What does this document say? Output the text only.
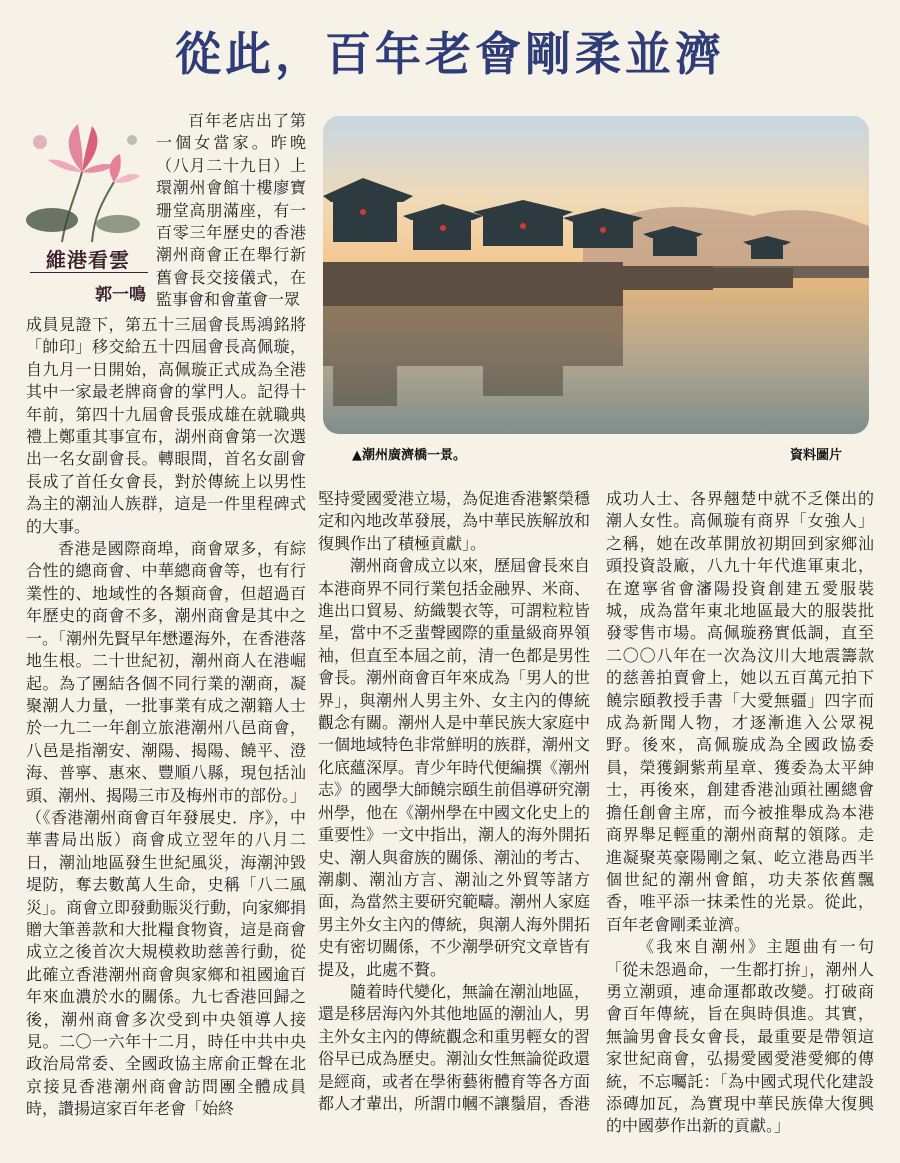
從此，百年老會剛柔並濟
維港看雲
郭一鳴

百年老店出了第一個女當家。昨晚（八月二十九日）上環潮州會館十樓廖寶珊堂高朋滿座，有一百零三年歷史的香港潮州商會正在舉行新舊會長交接儀式，在監事會和會董會一眾

成員見證下，第五十三屆會長馬鴻銘將「帥印」移交給五十四屆會長高佩璇，自九月一日開始，高佩璇正式成為全港其中一家最老牌商會的掌門人。記得十年前，第四十九屆會長張成雄在就職典禮上鄭重其事宣布，湖州商會第一次選出一名女副會長。轉眼間，首名女副會長成了首任女會長，對於傳統上以男性為主的潮汕人族群，這是一件里程碑式的大事。

香港是國際商埠，商會眾多，有綜合性的總商會、中華總商會等，也有行業性的、地域性的各類商會，但超過百年歷史的商會不多，潮州商會是其中之一。「潮州先賢早年懋遷海外，在香港落地生根。二十世紀初，潮州商人在港崛起。為了團結各個不同行業的潮商，凝聚潮人力量，一批事業有成之潮籍人士於一九二一年創立旅港潮州八邑商會，八邑是指潮安、潮陽、揭陽、饒平、澄海、普寧、惠來、豐順八縣，現包括汕頭、潮州、揭陽三市及梅州市的部份。」（《香港潮州商會百年發展史．序》，中華書局出版）商會成立翌年的八月二日，潮汕地區發生世紀風災，海潮沖毀堤防，奪去數萬人生命，史稱「八二風災」。商會立即發動賑災行動，向家鄉捐贈大筆善款和大批糧食物資，這是商會成立之後首次大規模救助慈善行動，從此確立香港潮州商會與家鄉和祖國逾百年來血濃於水的關係。九七香港回歸之後，潮州商會多次受到中央領導人接見。二〇一六年十二月，時任中共中央政治局常委、全國政協主席俞正聲在北京接見香港潮州商會訪問團全體成員時，讚揚這家百年老會「始終

▲潮州廣濟橋一景。	資料圖片

堅持愛國愛港立場，為促進香港繁榮穩定和內地改革發展，為中華民族解放和復興作出了積極貢獻」。

潮州商會成立以來，歷屆會長來自本港商界不同行業包括金融界、米商、進出口貿易、紡織製衣等，可謂粒粒皆星，當中不乏蜚聲國際的重量級商界領袖，但直至本屆之前，清一色都是男性會長。潮州商會百年來成為「男人的世界」，與潮州人男主外、女主內的傳統觀念有關。潮州人是中華民族大家庭中一個地域特色非常鮮明的族群，潮州文化底蘊深厚。青少年時代便編撰《潮州志》的國學大師饒宗頤生前倡導研究潮州學，他在《潮州學在中國文化史上的重要性》一文中指出，潮人的海外開拓史、潮人與畲族的關係、潮汕的考古、潮劇、潮汕方言、潮汕之外貿等諸方面，為當然主要研究範疇。潮州人家庭男主外女主內的傳統，與潮人海外開拓史有密切關係，不少潮學研究文章皆有提及，此處不贅。

隨着時代變化，無論在潮汕地區，還是移居海內外其他地區的潮汕人，男主外女主內的傳統觀念和重男輕女的習俗早已成為歷史。潮汕女性無論從政還是經商，或者在學術藝術體育等各方面都人才輩出，所謂巾幗不讓鬚眉，香港

成功人士、各界翹楚中就不乏傑出的潮人女性。高佩璇有商界「女強人」之稱，她在改革開放初期回到家鄉汕頭投資設廠，八九十年代進軍東北，在遼寧省會瀋陽投資創建五愛服裝城，成為當年東北地區最大的服裝批發零售市場。高佩璇務實低調，直至二〇〇八年在一次為汶川大地震籌款的慈善拍賣會上，她以五百萬元拍下饒宗頤教授手書「大愛無疆」四字而成為新聞人物，才逐漸進入公眾視野。後來，高佩璇成為全國政協委員，榮獲銅紫荊星章、獲委為太平紳士，再後來，創建香港汕頭社團總會擔任創會主席，而今被推舉成為本港商界舉足輕重的潮州商幫的領隊。走進凝聚英豪陽剛之氣、屹立港島西半個世紀的潮州會館，功夫茶依舊飄香，唯平添一抹柔性的光景。從此，百年老會剛柔並濟。

《我來自潮州》主題曲有一句「從未怨過命，一生都打拚」，潮州人勇立潮頭，連命運都敢改變。打破商會百年傳統，旨在與時俱進。其實，無論男會長女會長，最重要是帶領這家世紀商會，弘揚愛國愛港愛鄉的傳統，不忘囑託：「為中國式現代化建設添磚加瓦，為實現中華民族偉大復興的中國夢作出新的貢獻。」
